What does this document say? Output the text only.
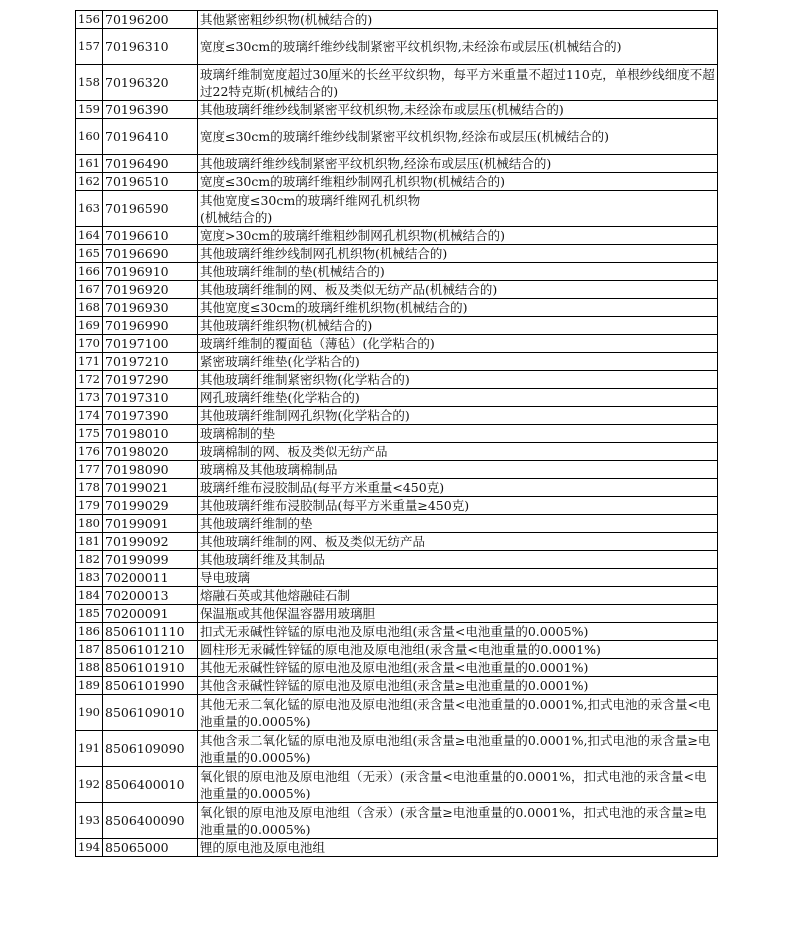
156	70196200	其他紧密粗纱织物(机械结合的)
157	70196310	宽度≤30cm的玻璃纤维纱线制紧密平纹机织物,未经涂布或层压(机械结合的)
158	70196320	玻璃纤维制宽度超过30厘米的长丝平纹织物，每平方米重量不超过110克，单根纱线细度不超过22特克斯(机械结合的)
159	70196390	其他玻璃纤维纱线制紧密平纹机织物,未经涂布或层压(机械结合的)
160	70196410	宽度≤30cm的玻璃纤维纱线制紧密平纹机织物,经涂布或层压(机械结合的)
161	70196490	其他玻璃纤维纱线制紧密平纹机织物,经涂布或层压(机械结合的)
162	70196510	宽度≤30cm的玻璃纤维粗纱制网孔机织物(机械结合的)
163	70196590	其他宽度≤30cm的玻璃纤维网孔机织物
(机械结合的)
164	70196610	宽度>30cm的玻璃纤维粗纱制网孔机织物(机械结合的)
165	70196690	其他玻璃纤维纱线制网孔机织物(机械结合的)
166	70196910	其他玻璃纤维制的垫(机械结合的)
167	70196920	其他玻璃纤维制的网、板及类似无纺产品(机械结合的)
168	70196930	其他宽度≤30cm的玻璃纤维机织物(机械结合的)
169	70196990	其他玻璃纤维织物(机械结合的)
170	70197100	玻璃纤维制的覆面毡（薄毡）(化学粘合的)
171	70197210	紧密玻璃纤维垫(化学粘合的)
172	70197290	其他玻璃纤维制紧密织物(化学粘合的)
173	70197310	网孔玻璃纤维垫(化学粘合的)
174	70197390	其他玻璃纤维制网孔织物(化学粘合的)
175	70198010	玻璃棉制的垫
176	70198020	玻璃棉制的网、板及类似无纺产品
177	70198090	玻璃棉及其他玻璃棉制品
178	70199021	玻璃纤维布浸胶制品(每平方米重量<450克)
179	70199029	其他玻璃纤维布浸胶制品(每平方米重量≥450克)
180	70199091	其他玻璃纤维制的垫
181	70199092	其他玻璃纤维制的网、板及类似无纺产品
182	70199099	其他玻璃纤维及其制品
183	70200011	导电玻璃
184	70200013	熔融石英或其他熔融硅石制
185	70200091	保温瓶或其他保温容器用玻璃胆
186	8506101110	扣式无汞碱性锌锰的原电池及原电池组(汞含量<电池重量的0.0005%)
187	8506101210	圆柱形无汞碱性锌锰的原电池及原电池组(汞含量<电池重量的0.0001%)
188	8506101910	其他无汞碱性锌锰的原电池及原电池组(汞含量<电池重量的0.0001%)
189	8506101990	其他含汞碱性锌锰的原电池及原电池组(汞含量≥电池重量的0.0001%)
190	8506109010	其他无汞二氧化锰的原电池及原电池组(汞含量<电池重量的0.0001%,扣式电池的汞含量<电池重量的0.0005%)
191	8506109090	其他含汞二氧化锰的原电池及原电池组(汞含量≥电池重量的0.0001%,扣式电池的汞含量≥电池重量的0.0005%)
192	8506400010	氧化银的原电池及原电池组（无汞）(汞含量<电池重量的0.0001%，扣式电池的汞含量<电池重量的0.0005%)
193	8506400090	氧化银的原电池及原电池组（含汞）(汞含量≥电池重量的0.0001%，扣式电池的汞含量≥电池重量的0.0005%)
194	85065000	锂的原电池及原电池组
